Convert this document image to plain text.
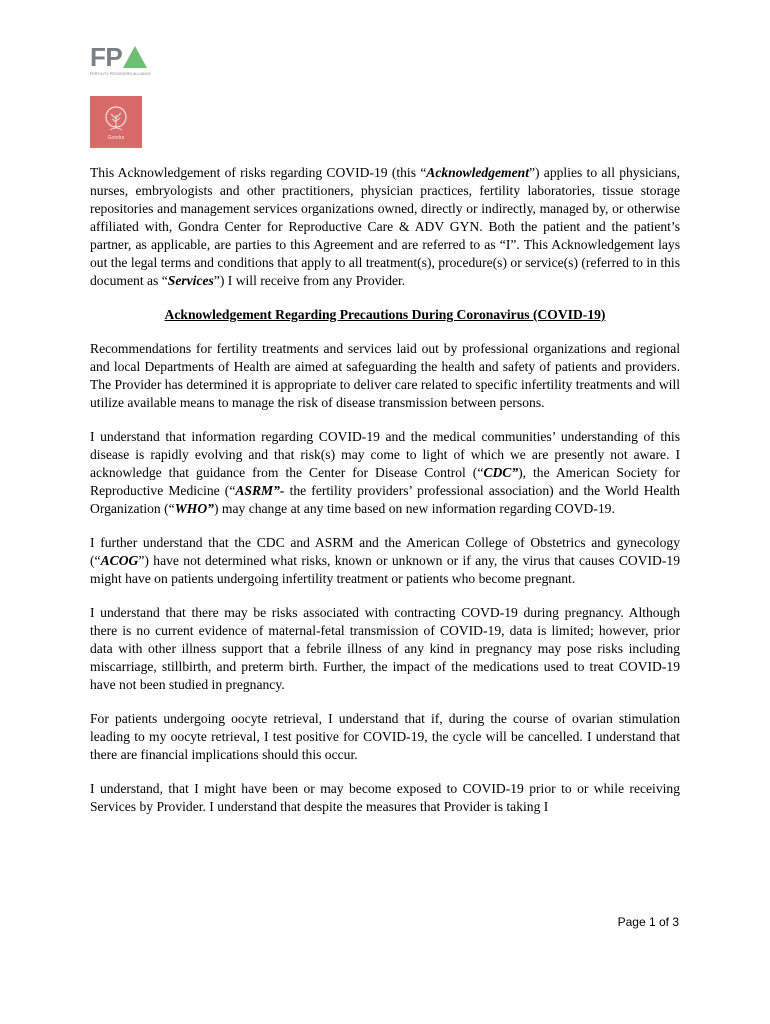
FP
FERTILITY PROVIDERS ALLIANCE
Gondra

This Acknowledgement of risks regarding COVID-19 (this “Acknowledgement”) applies to all physicians, nurses, embryologists and other practitioners, physician practices, fertility laboratories, tissue storage repositories and management services organizations owned, directly or indirectly, managed by, or otherwise affiliated with, Gondra Center for Reproductive Care & ADV GYN. Both the patient and the patient’s partner, as applicable, are parties to this Agreement and are referred to as “I”. This Acknowledgement lays out the legal terms and conditions that apply to all treatment(s), procedure(s) or service(s) (referred to in this document as “Services”) I will receive from any Provider.

Acknowledgement Regarding Precautions During Coronavirus (COVID-19)

Recommendations for fertility treatments and services laid out by professional organizations and regional and local Departments of Health are aimed at safeguarding the health and safety of patients and providers. The Provider has determined it is appropriate to deliver care related to specific infertility treatments and will utilize available means to manage the risk of disease transmission between persons.

I understand that information regarding COVID-19 and the medical communities’ understanding of this disease is rapidly evolving and that risk(s) may come to light of which we are presently not aware. I acknowledge that guidance from the Center for Disease Control (“CDC”), the American Society for Reproductive Medicine (“ASRM”- the fertility providers’ professional association) and the World Health Organization (“WHO”) may change at any time based on new information regarding COVD-19.

I further understand that the CDC and ASRM and the American College of Obstetrics and gynecology (“ACOG”) have not determined what risks, known or unknown or if any, the virus that causes COVID-19 might have on patients undergoing infertility treatment or patients who become pregnant.

I understand that there may be risks associated with contracting COVD-19 during pregnancy. Although there is no current evidence of maternal-fetal transmission of COVID-19, data is limited; however, prior data with other illness support that a febrile illness of any kind in pregnancy may pose risks including miscarriage, stillbirth, and preterm birth. Further, the impact of the medications used to treat COVID-19 have not been studied in pregnancy.

For patients undergoing oocyte retrieval, I understand that if, during the course of ovarian stimulation leading to my oocyte retrieval, I test positive for COVID-19, the cycle will be cancelled. I understand that there are financial implications should this occur.

I understand, that I might have been or may become exposed to COVID-19 prior to or while receiving Services by Provider. I understand that despite the measures that Provider is taking I

Page 1 of 3
